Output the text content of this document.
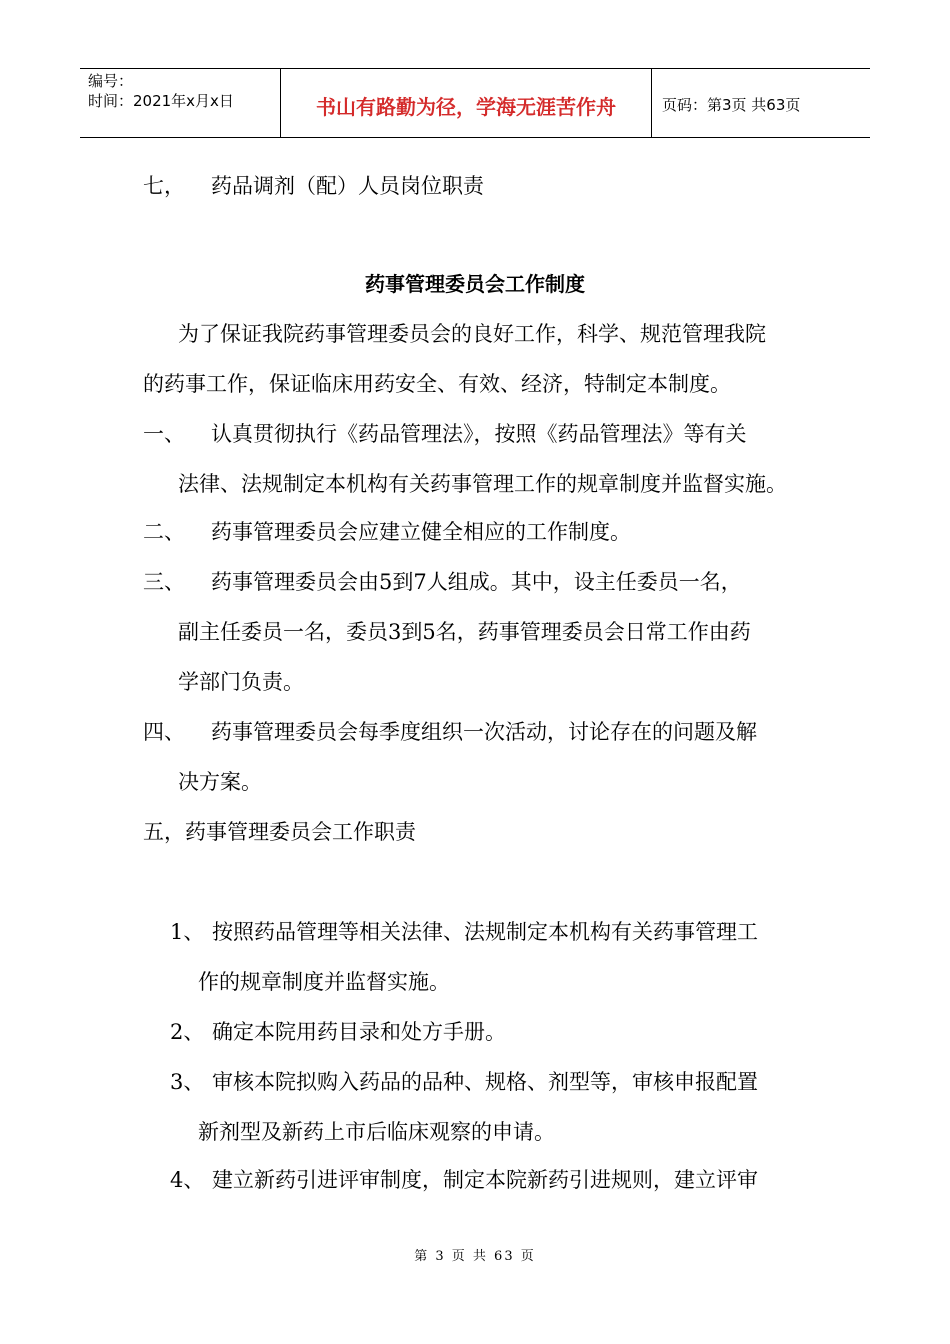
编号：
时间：2021年x月x日	书山有路勤为径，学海无涯苦作舟	页码：第3页 共63页
七， 药品调剂（配）人员岗位职责
药事管理委员会工作制度
为了保证我院药事管理委员会的良好工作，科学、规范管理我院
的药事工作，保证临床用药安全、有效、经济，特制定本制度。
一、 认真贯彻执行《药品管理法》，按照《药品管理法》等有关
法律、法规制定本机构有关药事管理工作的规章制度并监督实施。
二、 药事管理委员会应建立健全相应的工作制度。
三、 药事管理委员会由5到7人组成。其中，设主任委员一名，
副主任委员一名，委员3到5名，药事管理委员会日常工作由药
学部门负责。
四、 药事管理委员会每季度组织一次活动，讨论存在的问题及解
决方案。
五，药事管理委员会工作职责
1、 按照药品管理等相关法律、法规制定本机构有关药事管理工
作的规章制度并监督实施。
2、 确定本院用药目录和处方手册。
3、 审核本院拟购入药品的品种、规格、剂型等，审核申报配置
新剂型及新药上市后临床观察的申请。
4、 建立新药引进评审制度，制定本院新药引进规则，建立评审
第 3 页 共 63 页
